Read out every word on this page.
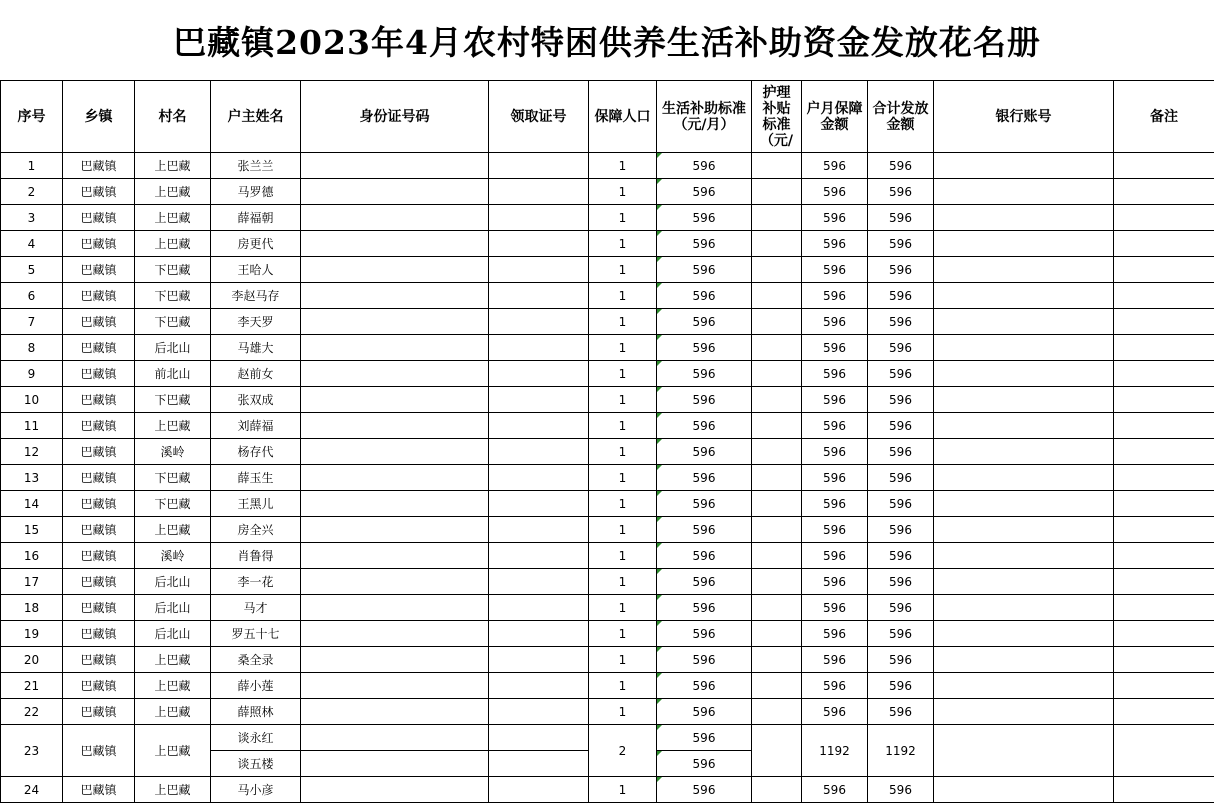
巴藏镇2023年4月农村特困供养生活补助资金发放花名册
序号	乡镇	村名	户主姓名	身份证号码	领取证号	保障人口	生活补助标准 （元/月）	护理补贴标准（元/	户月保障金额	合计发放金额	银行账号	备注
1	巴藏镇	上巴藏	张兰兰			1	596		596	596		
2	巴藏镇	上巴藏	马罗德			1	596		596	596		
3	巴藏镇	上巴藏	薛福朝			1	596		596	596		
4	巴藏镇	上巴藏	房更代			1	596		596	596		
5	巴藏镇	下巴藏	王哈人			1	596		596	596		
6	巴藏镇	下巴藏	李赵马存			1	596		596	596		
7	巴藏镇	下巴藏	李天罗			1	596		596	596		
8	巴藏镇	后北山	马雄大			1	596		596	596		
9	巴藏镇	前北山	赵前女			1	596		596	596		
10	巴藏镇	下巴藏	张双成			1	596		596	596		
11	巴藏镇	上巴藏	刘薛福			1	596		596	596		
12	巴藏镇	溪岭	杨存代			1	596		596	596		
13	巴藏镇	下巴藏	薛玉生			1	596		596	596		
14	巴藏镇	下巴藏	王黑儿			1	596		596	596		
15	巴藏镇	上巴藏	房全兴			1	596		596	596		
16	巴藏镇	溪岭	肖鲁得			1	596		596	596		
17	巴藏镇	后北山	李一花			1	596		596	596		
18	巴藏镇	后北山	马才			1	596		596	596		
19	巴藏镇	后北山	罗五十七			1	596		596	596		
20	巴藏镇	上巴藏	桑全录			1	596		596	596		
21	巴藏镇	上巴藏	薛小莲			1	596		596	596		
22	巴藏镇	上巴藏	薛照林			1	596		596	596		
23	巴藏镇	上巴藏	谈永红			2	596		1192	1192		
			谈五楼				596					
24	巴藏镇	上巴藏	马小彦			1	596		596	596		
